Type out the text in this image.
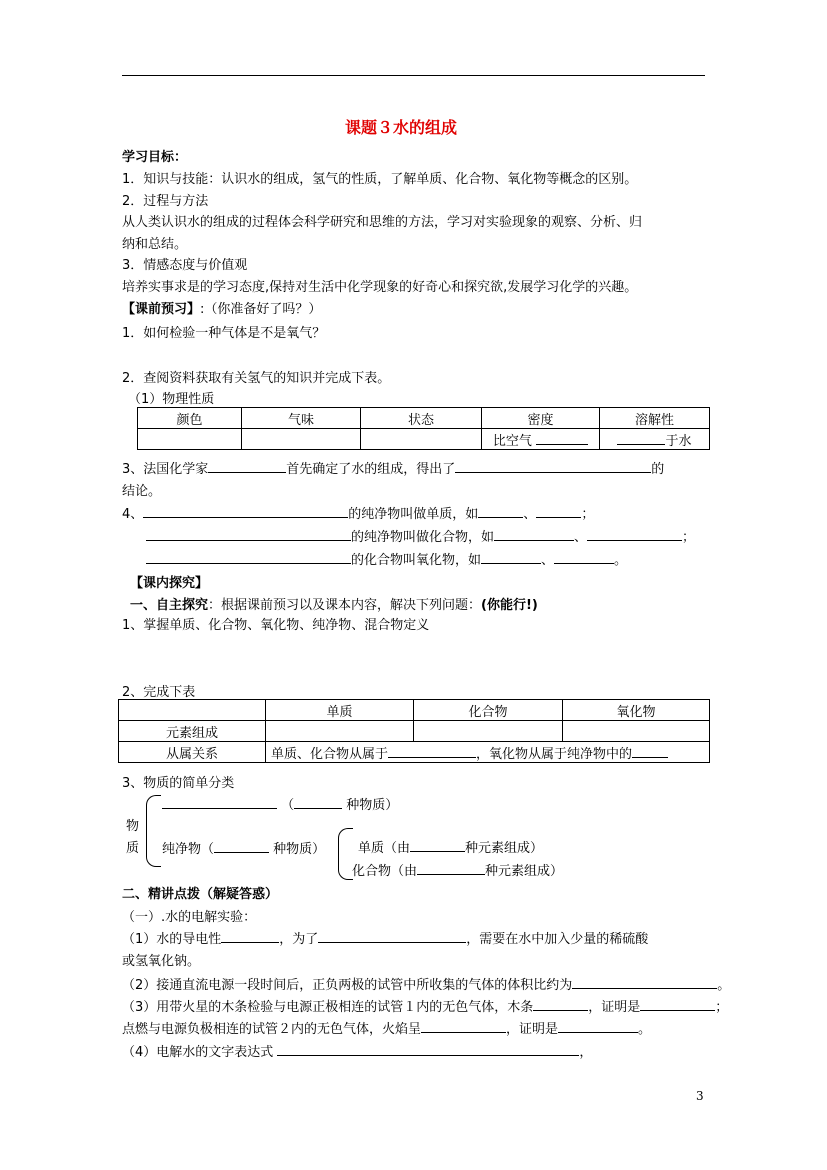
课题３水的组成
学习目标：
1．知识与技能：认识水的组成，氢气的性质，了解单质、化合物、氧化物等概念的区别。
2．过程与方法
从人类认识水的组成的过程体会科学研究和思维的方法，学习对实验现象的观察、分析、归
纳和总结。
3．情感态度与价值观
培养实事求是的学习态度,保持对生活中化学现象的好奇心和探究欲,发展学习化学的兴趣。
【课前预习】:（你准备好了吗？）
1．如何检验一种气体是不是氧气？
2．查阅资料获取有关氢气的知识并完成下表。
（1）物理性质
颜色	气味	状态	密度	溶解性
			比空气	于水
3、法国化学家	首先确定了水的组成，得出了	的
结论。
4、	的纯净物叫做单质，如	、	；
的纯净物叫做化合物，如	、	；
的化合物叫氧化物，如	、	。
【课内探究】
一、自主探究：根据课前预习以及课本内容，解决下列问题：(你能行!)
1、掌握单质、化合物、氧化物、纯净物、混合物定义
2、完成下表
	单质	化合物	氧化物
元素组成			
从属关系	单质、化合物从属于 ，氧化物从属于纯净物中的		
3、物质的简单分类
物
质
（	种物质）
纯净物（	种物质）	单质（由	种元素组成）
化合物（由	种元素组成）
二、精讲点拨（解疑答惑）
（一）.水的电解实验：
（1）水的导电性	，为了	，需要在水中加入少量的稀硫酸
或氢氧化钠。
（2）接通直流电源一段时间后，正负两极的试管中所收集的气体的体积比约为	。
（3）用带火星的木条检验与电源正极相连的试管１内的无色气体，木条	，证明是	；
点燃与电源负极相连的试管２内的无色气体，火焰呈	，证明是	。
（4）电解水的文字表达式	，
3
